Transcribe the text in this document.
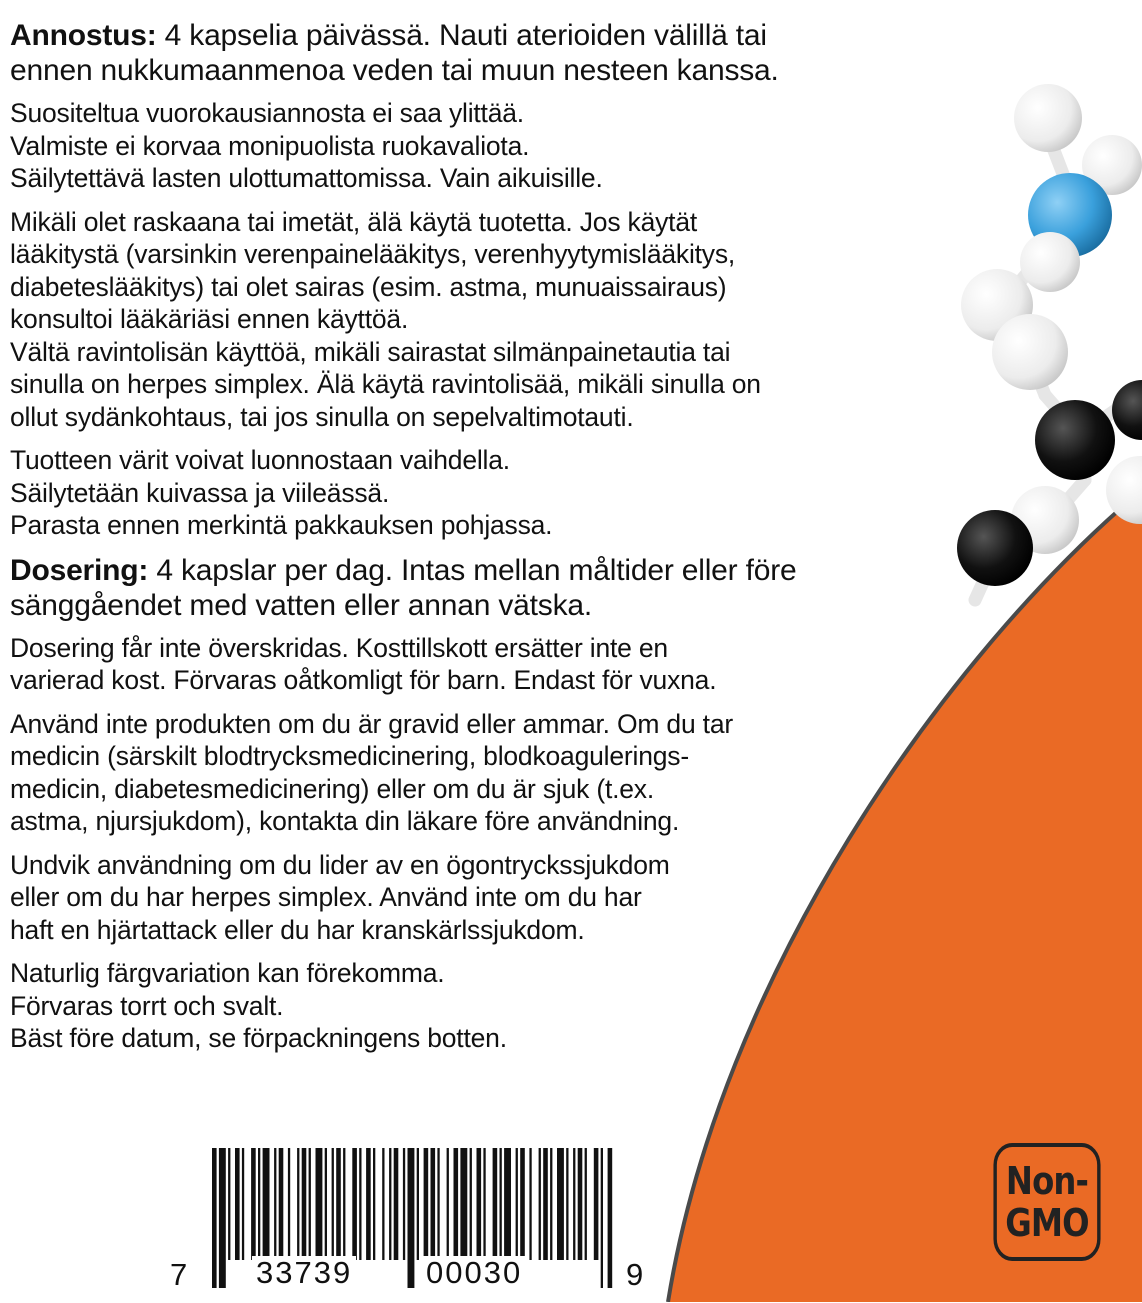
Annostus: 4 kapselia päivässä. Nauti aterioiden välillä tai
ennen nukkumaanmenoa veden tai muun nesteen kanssa.

Suositeltua vuorokausiannosta ei saa ylittää.
Valmiste ei korvaa monipuolista ruokavaliota.
Säilytettävä lasten ulottumattomissa. Vain aikuisille.

Mikäli olet raskaana tai imetät, älä käytä tuotetta. Jos käytät
lääkitystä (varsinkin verenpainelääkitys, verenhyytymislääkitys,
diabeteslääkitys) tai olet sairas (esim. astma, munuaissairaus)
konsultoi lääkäriäsi ennen käyttöä.
Vältä ravintolisän käyttöä, mikäli sairastat silmänpainetautia tai
sinulla on herpes simplex. Älä käytä ravintolisää, mikäli sinulla on
ollut sydänkohtaus, tai jos sinulla on sepelvaltimotauti.

Tuotteen värit voivat luonnostaan vaihdella.
Säilytetään kuivassa ja viileässä.
Parasta ennen merkintä pakkauksen pohjassa.

Dosering: 4 kapslar per dag. Intas mellan måltider eller före
sänggåendet med vatten eller annan vätska.

Dosering får inte överskridas. Kosttillskott ersätter inte en
varierad kost. Förvaras oåtkomligt för barn. Endast för vuxna.

Använd inte produkten om du är gravid eller ammar. Om du tar
medicin (särskilt blodtrycksmedicinering, blodkoagulerings-
medicin, diabetesmedicinering) eller om du är sjuk (t.ex.
astma, njursjukdom), kontakta din läkare före användning.

Undvik användning om du lider av en ögontryckssjukdom
eller om du har herpes simplex. Använd inte om du har
haft en hjärtattack eller du har kranskärlssjukdom.

Naturlig färgvariation kan förekomma.
Förvaras torrt och svalt.
Bäst före datum, se förpackningens botten.

7 33739 00030	9
Non-
GMO
